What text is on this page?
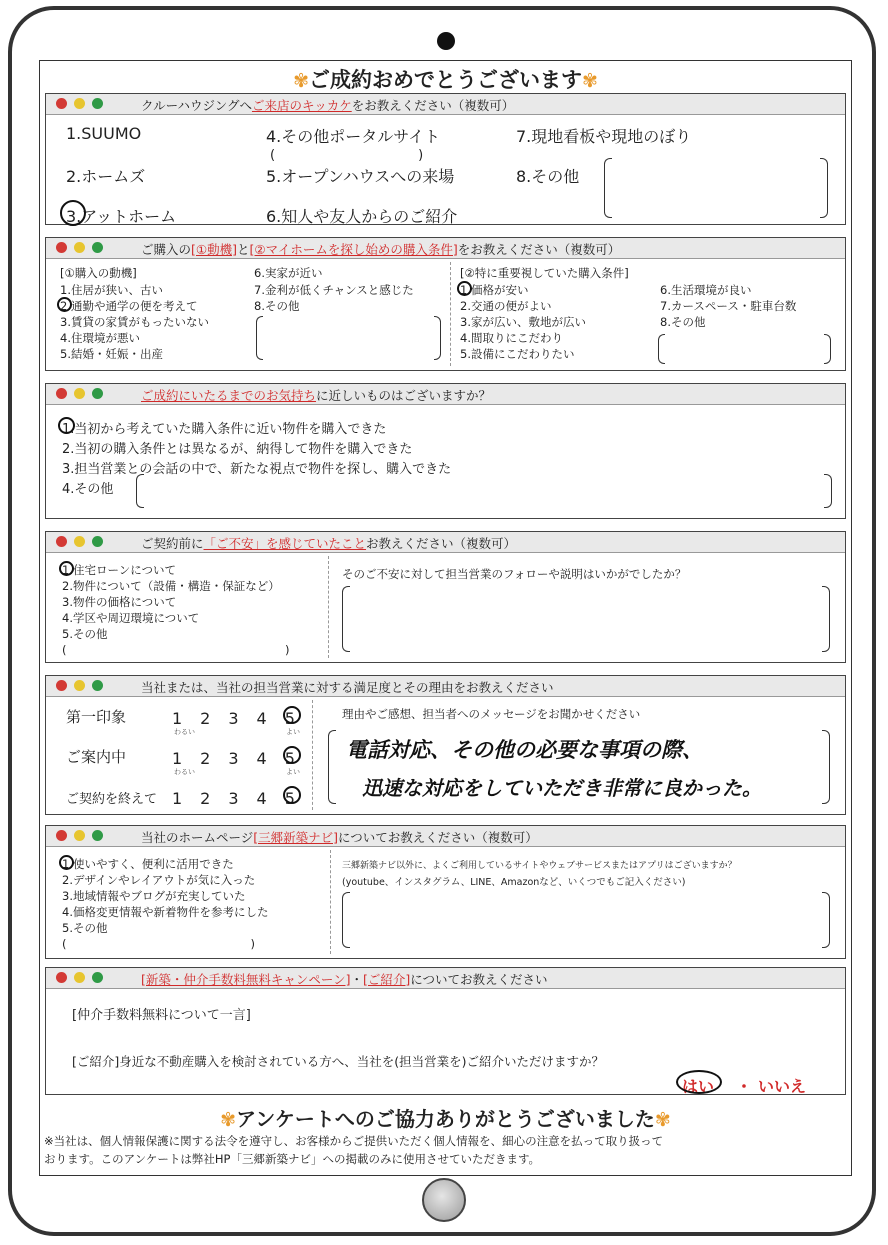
✾ご成約おめでとうございます✾
クルーハウジングへご来店のキッカケをお教えください（複数可）
1.SUUMO
2.ホームズ
3.アットホーム
4.その他ポータルサイト
(　　　　　　　　　　　)
5.オープンハウスへの来場
6.知人や友人からのご紹介
7.現地看板や現地のぼり
8.その他
ご購入の[①動機]と[②マイホームを探し始めの購入条件]をお教えください（複数可）
[①購入の動機]
1.住居が狭い、古い
2.通勤や通学の便を考えて
3.賃貸の家賃がもったいない
4.住環境が悪い
5.結婚・妊娠・出産
6.実家が近い
7.金利が低くチャンスと感じた
8.その他
[②特に重要視していた購入条件]
1.価格が安い
2.交通の便がよい
3.家が広い、敷地が広い
4.間取りにこだわり
5.設備にこだわりたい
6.生活環境が良い
7.カースペース・駐車台数
8.その他
ご成約にいたるまでのお気持ちに近しいものはございますか？
1.当初から考えていた購入条件に近い物件を購入できた
2.当初の購入条件とは異なるが、納得して物件を購入できた
3.担当営業との会話の中で、新たな視点で物件を探し、購入できた
4.その他
ご契約前に「ご不安」を感じていたことお教えください（複数可）
1.住宅ローンについて
2.物件について（設備・構造・保証など）
3.物件の価格について
4.学区や周辺環境について
5.その他
(　　　　　　　　　　　　　　　　　　　)
そのご不安に対して担当営業のフォローや説明はいかがでしたか？
当社または、当社の担当営業に対する満足度とその理由をお教えください
第一印象	1　2　3　4　5
わるい	よい
ご案内中	1　2　3　4　5
わるい	よい
ご契約を終えて 1　2　3　4　5
理由やご感想、担当者へのメッセージをお聞かせください
電話対応、その他の必要な事項の際、
迅速な対応をしていただき非常に良かった。
当社のホームページ[三郷新築ナビ]についてお教えください（複数可）
1.使いやすく、便利に活用できた
2.デザインやレイアウトが気に入った
3.地域情報やブログが充実していた
4.価格変更情報や新着物件を参考にした
5.その他
(　　　　　　　　　　　　　　　　)
三郷新築ナビ以外に、よくご利用しているサイトやウェブサービスまたはアプリはございますか？
(youtube、インスタグラム、LINE、Amazonなど、いくつでもご記入ください)
[新築・仲介手数料無料キャンペーン]・[ご紹介]についてお教えください
[仲介手数料無料について一言]
[ご紹介]身近な不動産購入を検討されている方へ、当社を(担当営業を)ご紹介いただけますか？
はい ・ いいえ
✾アンケートへのご協力ありがとうございました✾
※当社は、個人情報保護に関する法令を遵守し、お客様からご提供いただく個人情報を、細心の注意を払って取り扱って
おります。このアンケートは弊社HP「三郷新築ナビ」への掲載のみに使用させていただきます。
